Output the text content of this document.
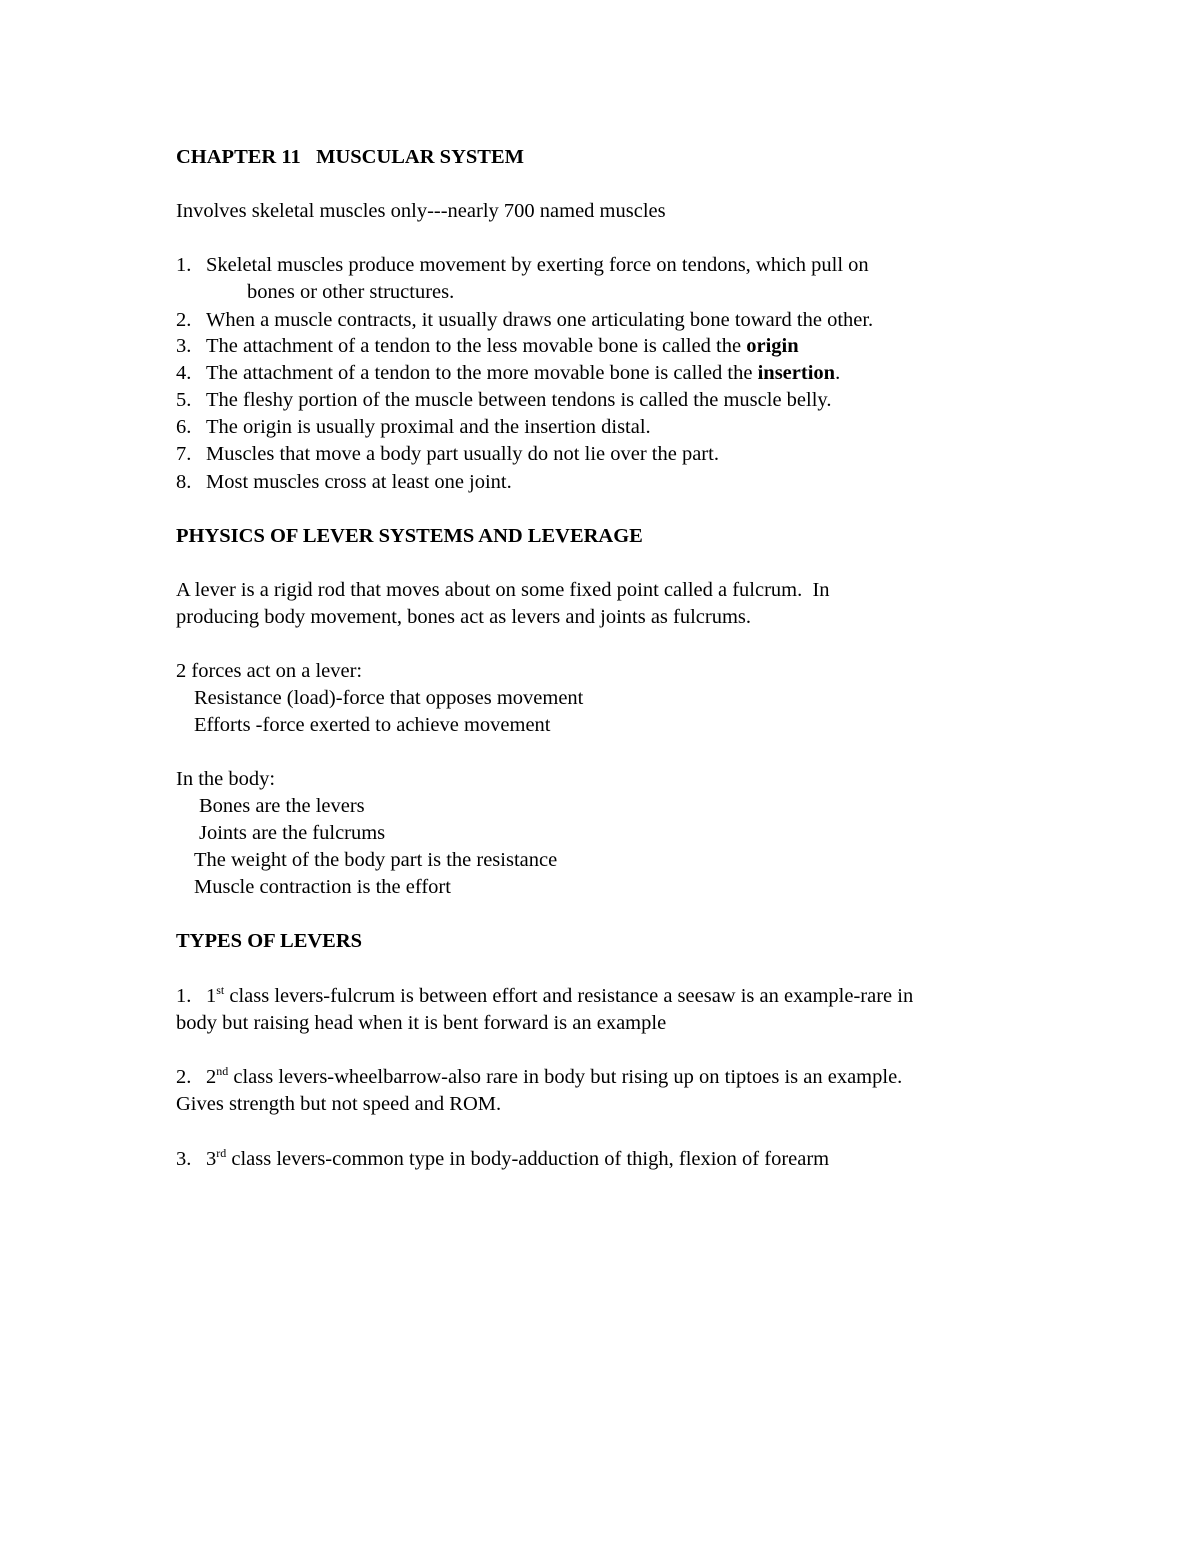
CHAPTER 11   MUSCULAR SYSTEM
Involves skeletal muscles only---nearly 700 named muscles
1. Skeletal muscles produce movement by exerting force on tendons, which pull on
bones or other structures.
2. When a muscle contracts, it usually draws one articulating bone toward the other.
3. The attachment of a tendon to the less movable bone is called the origin
4. The attachment of a tendon to the more movable bone is called the insertion.
5. The fleshy portion of the muscle between tendons is called the muscle belly.
6. The origin is usually proximal and the insertion distal.
7. Muscles that move a body part usually do not lie over the part.
8. Most muscles cross at least one joint.
PHYSICS OF LEVER SYSTEMS AND LEVERAGE
A lever is a rigid rod that moves about on some fixed point called a fulcrum.  In
producing body movement, bones act as levers and joints as fulcrums.
2 forces act on a lever:
Resistance (load)-force that opposes movement
Efforts -force exerted to achieve movement
In the body:
Bones are the levers
Joints are the fulcrums
The weight of the body part is the resistance
Muscle contraction is the effort
TYPES OF LEVERS
1. 1st class levers-fulcrum is between effort and resistance a seesaw is an example-rare in
body but raising head when it is bent forward is an example
2. 2nd class levers-wheelbarrow-also rare in body but rising up on tiptoes is an example.
Gives strength but not speed and ROM.
3. 3rd class levers-common type in body-adduction of thigh, flexion of forearm
